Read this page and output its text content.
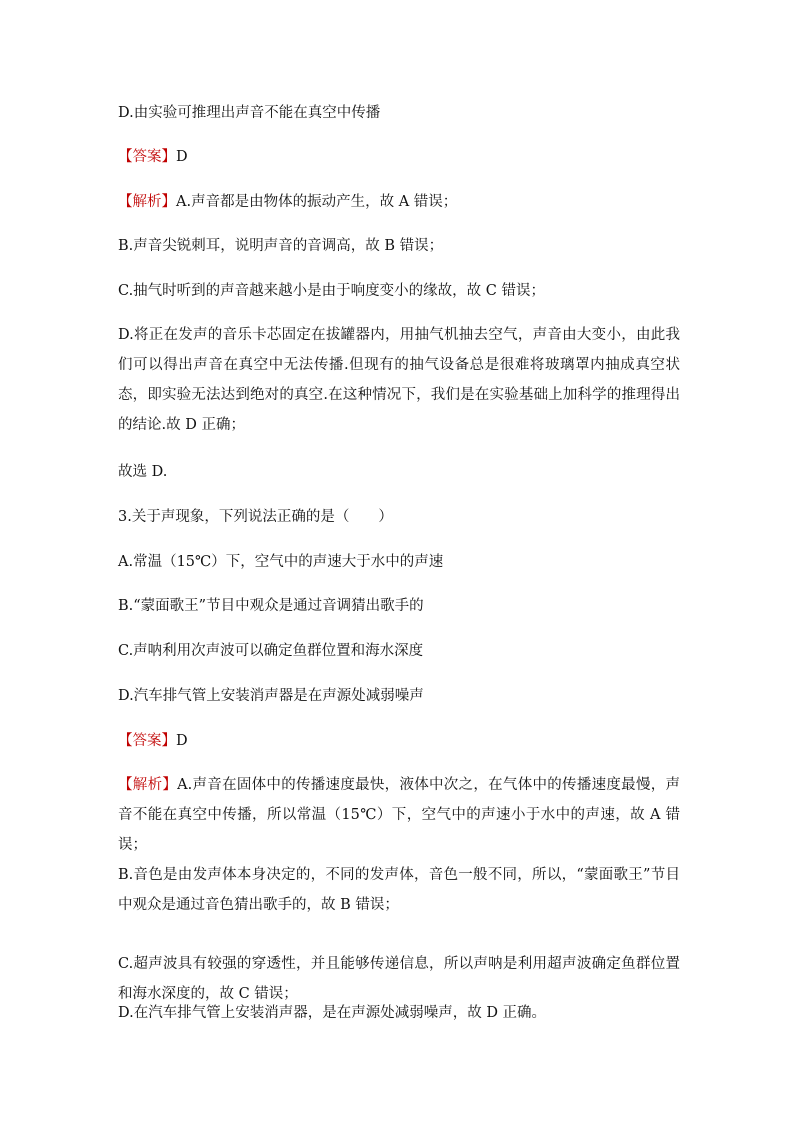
D.由实验可推理出声音不能在真空中传播
【答案】D
【解析】A.声音都是由物体的振动产生，故 A 错误；
B.声音尖锐刺耳，说明声音的音调高，故 B 错误；
C.抽气时听到的声音越来越小是由于响度变小的缘故，故 C 错误；
D.将正在发声的音乐卡芯固定在拔罐器内，用抽气机抽去空气，声音由大变小，由此我们可以得出声音在真空中无法传播.但现有的抽气设备总是很难将玻璃罩内抽成真空状态，即实验无法达到绝对的真空.在这种情况下，我们是在实验基础上加科学的推理得出的结论.故 D 正确；
故选 D.
3.关于声现象，下列说法正确的是（　　）
A.常温（15℃）下，空气中的声速大于水中的声速
B.“蒙面歌王”节目中观众是通过音调猜出歌手的
C.声呐利用次声波可以确定鱼群位置和海水深度
D.汽车排气管上安装消声器是在声源处减弱噪声
【答案】D
【解析】A.声音在固体中的传播速度最快，液体中次之，在气体中的传播速度最慢，声音不能在真空中传播，所以常温（15℃）下，空气中的声速小于水中的声速，故 A 错误；
B.音色是由发声体本身决定的，不同的发声体，音色一般不同，所以，“蒙面歌王”节目中观众是通过音色猜出歌手的，故 B 错误；
C.超声波具有较强的穿透性，并且能够传递信息，所以声呐是利用超声波确定鱼群位置和海水深度的，故 C 错误；
D.在汽车排气管上安装消声器，是在声源处减弱噪声，故 D 正确。
